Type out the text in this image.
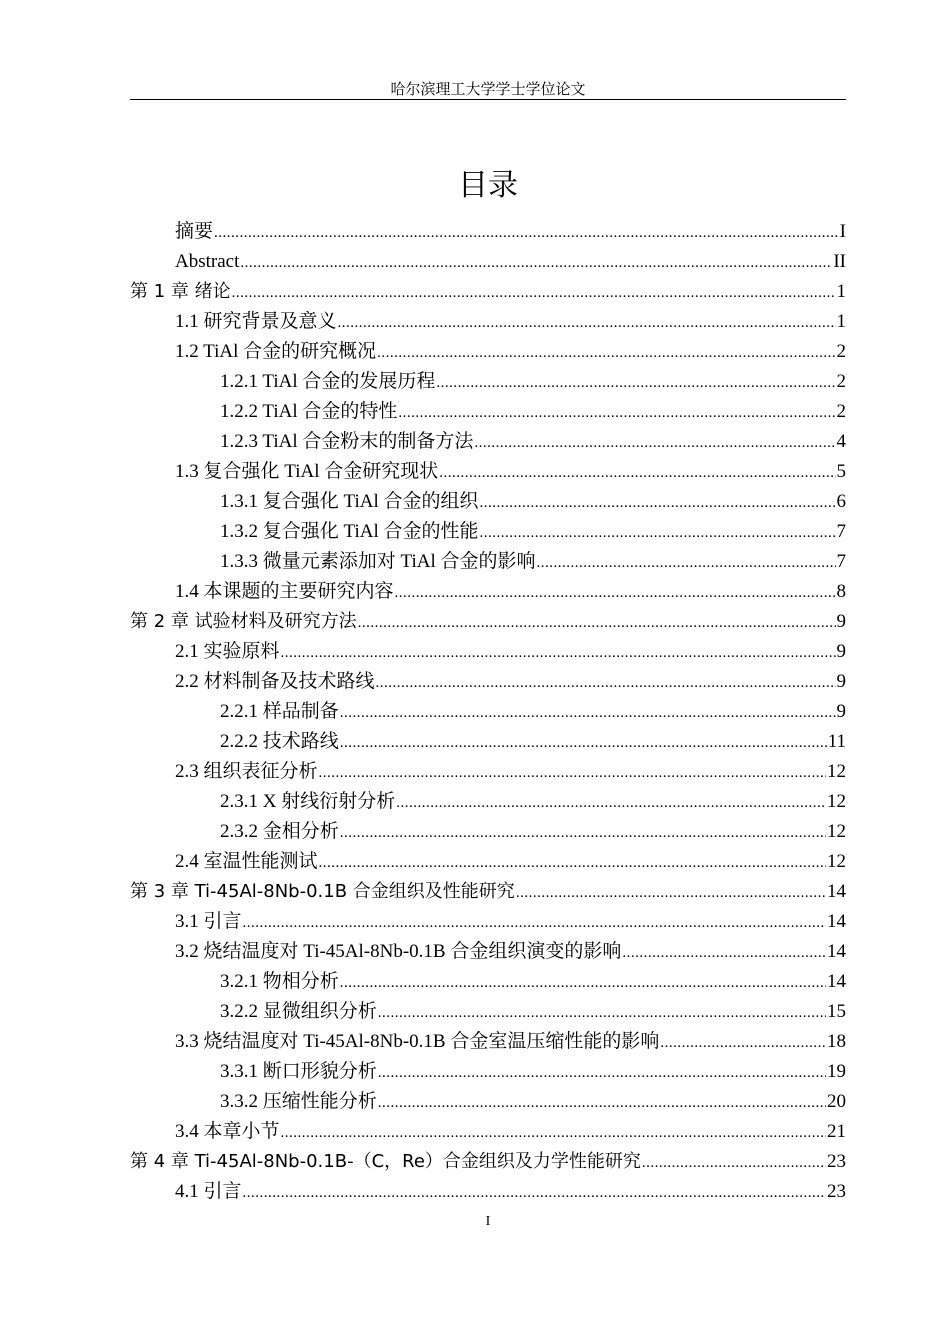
哈尔滨理工大学学士学位论文
目录
摘要 .....	I
Abstract .....	II
第 1 章 绪论 .....	1
1.1 研究背景及意义 .....	1
1.2 TiAl 合金的研究概况 .....	2
1.2.1 TiAl 合金的发展历程 .....	2
1.2.2 TiAl 合金的特性 .....	2
1.2.3 TiAl 合金粉末的制备方法 .....	4
1.3 复合强化 TiAl 合金研究现状 .....	5
1.3.1 复合强化 TiAl 合金的组织 .....	6
1.3.2 复合强化 TiAl 合金的性能 .....	7
1.3.3 微量元素添加对 TiAl 合金的影响 .....	7
1.4 本课题的主要研究内容 .....	8
第 2 章 试验材料及研究方法 .....	9
2.1 实验原料 .....	9
2.2 材料制备及技术路线 .....	9
2.2.1 样品制备 .....	9
2.2.2 技术路线 .....	11
2.3 组织表征分析 .....	12
2.3.1 X 射线衍射分析 .....	12
2.3.2 金相分析 .....	12
2.4 室温性能测试 .....	12
第 3 章 Ti-45Al-8Nb-0.1B 合金组织及性能研究 .....	14
3.1 引言 .....	14
3.2 烧结温度对 Ti-45Al-8Nb-0.1B 合金组织演变的影响 .....	14
3.2.1 物相分析 .....	14
3.2.2 显微组织分析 .....	15
3.3 烧结温度对 Ti-45Al-8Nb-0.1B 合金室温压缩性能的影响 .....	18
3.3.1 断口形貌分析 .....	19
3.3.2 压缩性能分析 .....	20
3.4 本章小节 .....	21
第 4 章 Ti-45Al-8Nb-0.1B-（C，Re）合金组织及力学性能研究 .....	23
4.1 引言 .....	23
I
